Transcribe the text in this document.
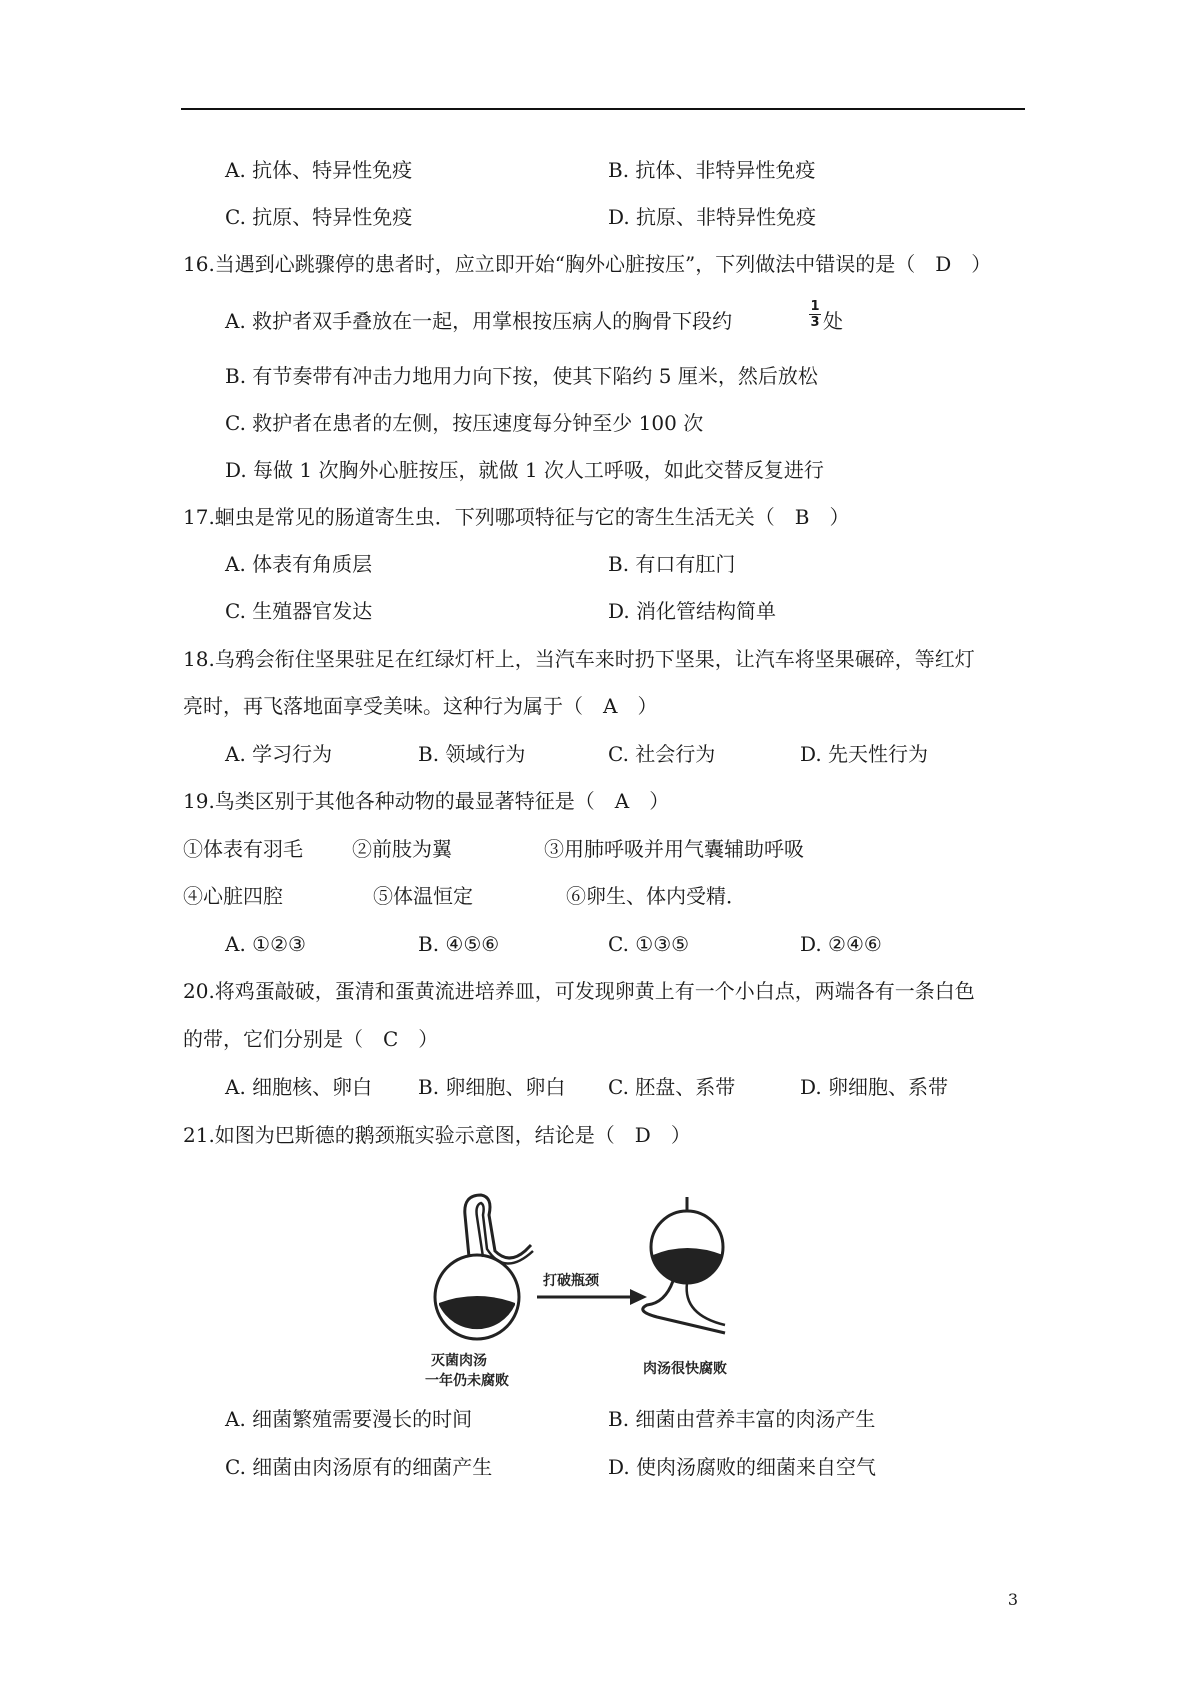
A. 抗体、特异性免疫	B. 抗体、非特异性免疫
C. 抗原、特异性免疫	D. 抗原、非特异性免疫
16.当遇到心跳骤停的患者时，应立即开始“胸外心脏按压”，下列做法中错误的是（　D　）
A. 救护者双手叠放在一起，用掌根按压病人的胸骨下段约
1
3 处
B. 有节奏带有冲击力地用力向下按，使其下陷约 5 厘米，然后放松
C. 救护者在患者的左侧，按压速度每分钟至少 100 次
D. 每做 1 次胸外心脏按压，就做 1 次人工呼吸，如此交替反复进行
17.蛔虫是常见的肠道寄生虫．下列哪项特征与它的寄生生活无关（　B　）
A. 体表有角质层	B. 有口有肛门
C. 生殖器官发达	D. 消化管结构简单
18.乌鸦会衔住坚果驻足在红绿灯杆上，当汽车来时扔下坚果，让汽车将坚果碾碎，等红灯
亮时，再飞落地面享受美味。这种行为属于（　A　）
A. 学习行为	B. 领域行为	C. 社会行为	D. 先天性行为
19.鸟类区别于其他各种动物的最显著特征是（　A　）
①体表有羽毛 ②前肢为翼	③用肺呼吸并用气囊辅助呼吸
④心脏四腔	⑤体温恒定	⑥卵生、体内受精．
A. ①②③	B. ④⑤⑥	C. ①③⑤	D. ②④⑥
20.将鸡蛋敲破，蛋清和蛋黄流进培养皿，可发现卵黄上有一个小白点，两端各有一条白色
的带，它们分别是（　C　）
A. 细胞核、卵白 B. 卵细胞、卵白 C. 胚盘、系带	D. 卵细胞、系带
21.如图为巴斯德的鹅颈瓶实验示意图，结论是（　D　）
打破瓶颈
灭菌肉汤
一年仍未腐败
肉汤很快腐败
A. 细菌繁殖需要漫长的时间	B. 细菌由营养丰富的肉汤产生
C. 细菌由肉汤原有的细菌产生	D. 使肉汤腐败的细菌来自空气
3
